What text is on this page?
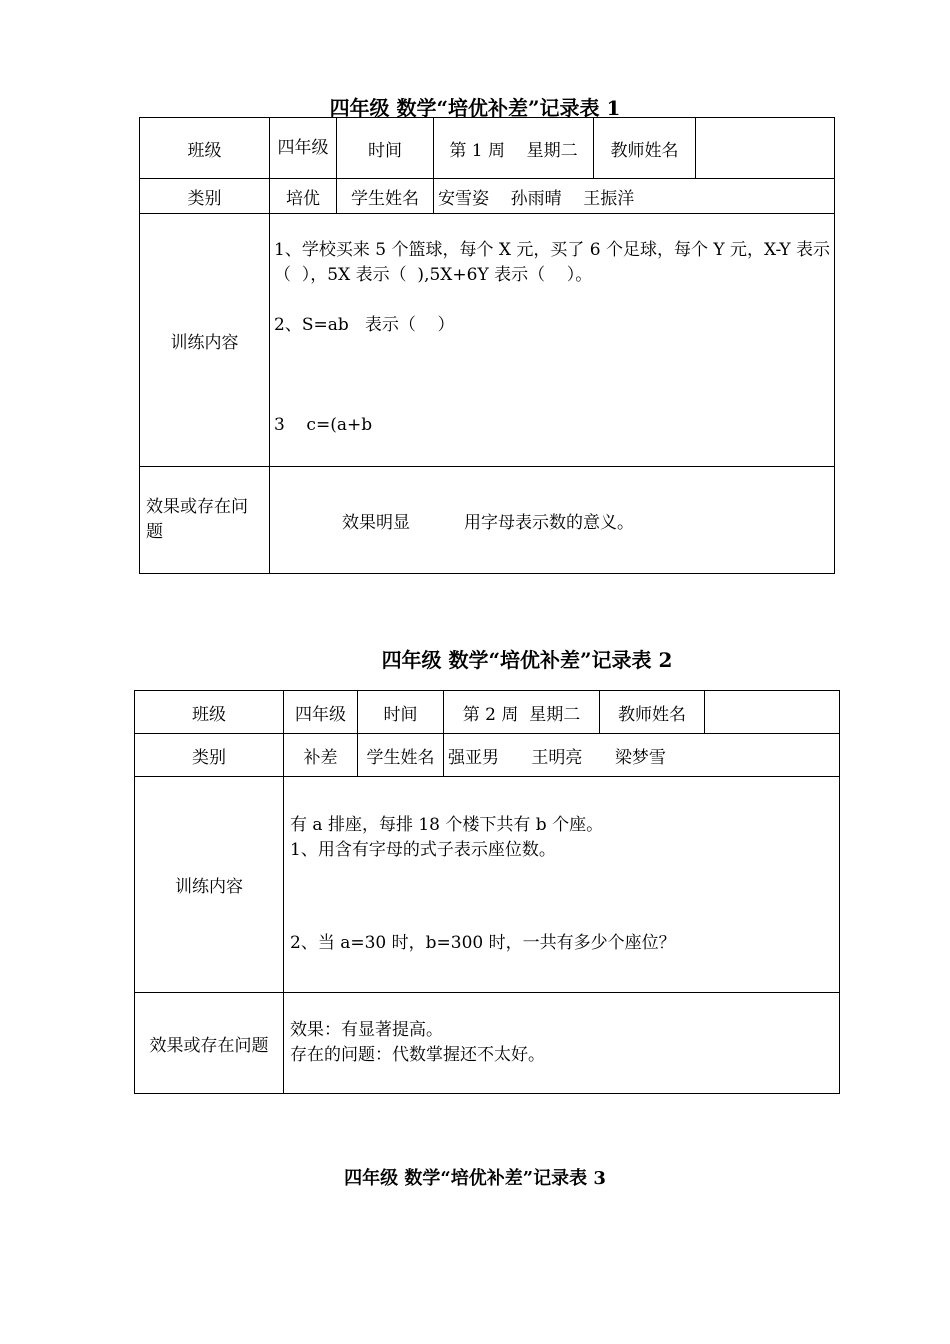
四年级 数学“培优补差”记录表 1
班级	四年级	时间	第 1 周    星期二	教师姓名	
类别	培优	学生姓名	安雪姿    孙雨晴    王振洋		
训练内容	1、学校买来 5 个篮球，每个 X 元，买了 6 个足球，每个 Y 元，X-Y 表示（  ），5X 表示（  ),5X+6Y 表示（    ）。
2、S=ab   表示（    ）
3    c=(a+b				

效果或存在问题	效果明显          用字母表示数的意义。				
四年级 数学“培优补差”记录表 2
班级	四年级	时间	第 2 周  星期二	教师姓名	
类别	补差	学生姓名	强亚男      王明亮      梁梦雪		
训练内容	有 a 排座，每排 18 个楼下共有 b 个座。
1、用含有字母的式子表示座位数。
2、当 a=30 时，b=300 时，一共有多少个座位？				

效果或存在问题	效果：有显著提高。
存在的问题：代数掌握还不太好。				
四年级 数学“培优补差”记录表 3
